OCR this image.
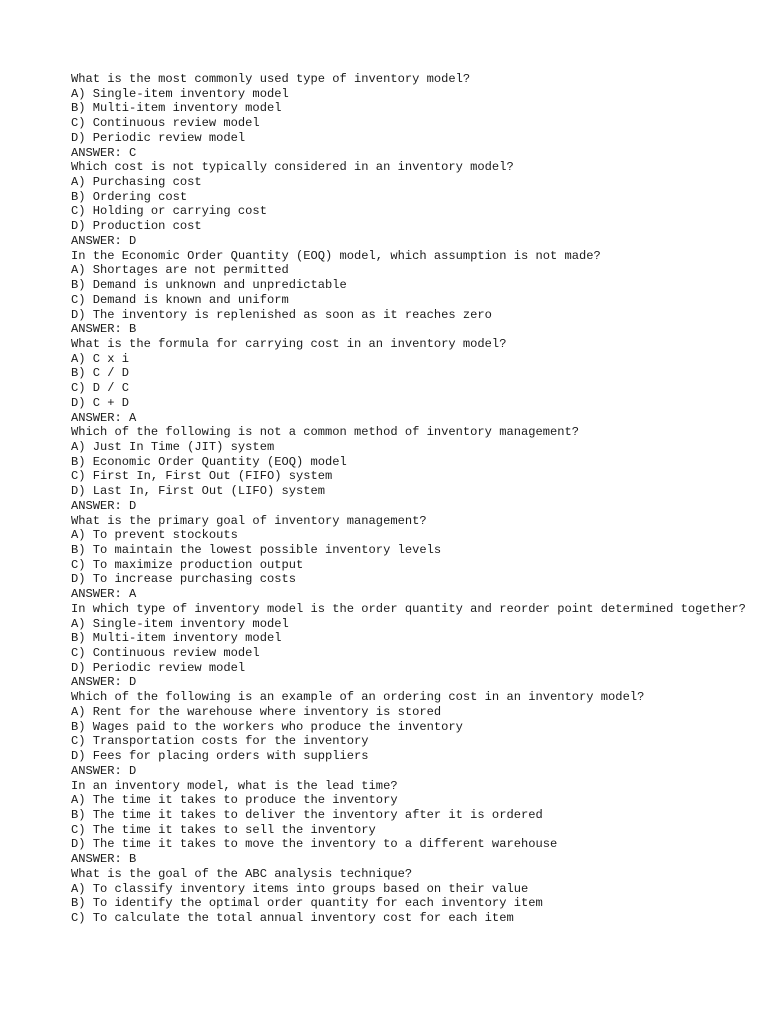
What is the most commonly used type of inventory model?
A) Single-item inventory model
B) Multi-item inventory model
C) Continuous review model
D) Periodic review model
ANSWER: C
Which cost is not typically considered in an inventory model?
A) Purchasing cost
B) Ordering cost
C) Holding or carrying cost
D) Production cost
ANSWER: D
In the Economic Order Quantity (EOQ) model, which assumption is not made?
A) Shortages are not permitted
B) Demand is unknown and unpredictable
C) Demand is known and uniform
D) The inventory is replenished as soon as it reaches zero
ANSWER: B
What is the formula for carrying cost in an inventory model?
A) C x i
B) C / D
C) D / C
D) C + D
ANSWER: A
Which of the following is not a common method of inventory management?
A) Just In Time (JIT) system
B) Economic Order Quantity (EOQ) model
C) First In, First Out (FIFO) system
D) Last In, First Out (LIFO) system
ANSWER: D
What is the primary goal of inventory management?
A) To prevent stockouts
B) To maintain the lowest possible inventory levels
C) To maximize production output
D) To increase purchasing costs
ANSWER: A
In which type of inventory model is the order quantity and reorder point determined together?
A) Single-item inventory model
B) Multi-item inventory model
C) Continuous review model
D) Periodic review model
ANSWER: D
Which of the following is an example of an ordering cost in an inventory model?
A) Rent for the warehouse where inventory is stored
B) Wages paid to the workers who produce the inventory
C) Transportation costs for the inventory
D) Fees for placing orders with suppliers
ANSWER: D
In an inventory model, what is the lead time?
A) The time it takes to produce the inventory
B) The time it takes to deliver the inventory after it is ordered
C) The time it takes to sell the inventory
D) The time it takes to move the inventory to a different warehouse
ANSWER: B
What is the goal of the ABC analysis technique?
A) To classify inventory items into groups based on their value
B) To identify the optimal order quantity for each inventory item
C) To calculate the total annual inventory cost for each item
